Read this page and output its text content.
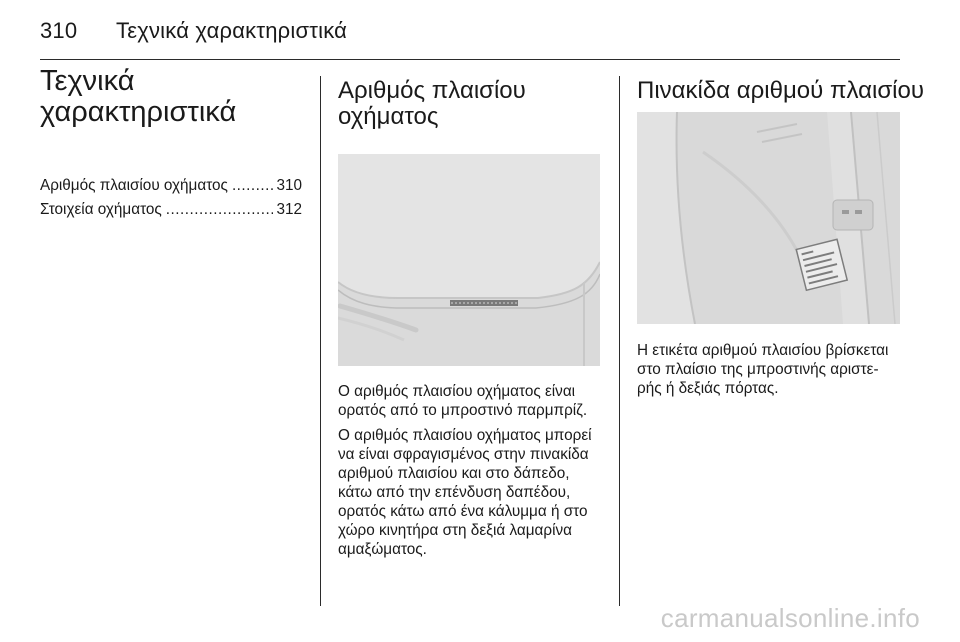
310 Τεχνικά χαρακτηριστικά
Τεχνικά
χαρακτηριστικά
Αριθμός πλαισίου οχήματος .....	310
Στοιχεία οχήματος .....	312
Αριθμός πλαισίου
οχήματος

Ο αριθμός πλαισίου οχήματος είναι ορατός από το μπροστινό παρμπρίζ.

Ο αριθμός πλαισίου οχήματος μπορεί να είναι σφραγισμένος στην πινακίδα αριθμού πλαισίου και στο δάπεδο, κάτω από την επένδυση δαπέδου, ορατός κάτω από ένα κάλυμμα ή στο χώρο κινητήρα στη δεξιά λαμαρίνα αμαξώματος.

Πινακίδα αριθμού πλαισίου

Η ετικέτα αριθμού πλαισίου βρίσκεται στο πλαίσιο της μπροστινής αριστε- ρής ή δεξιάς πόρτας.

carmanualsonline.info
